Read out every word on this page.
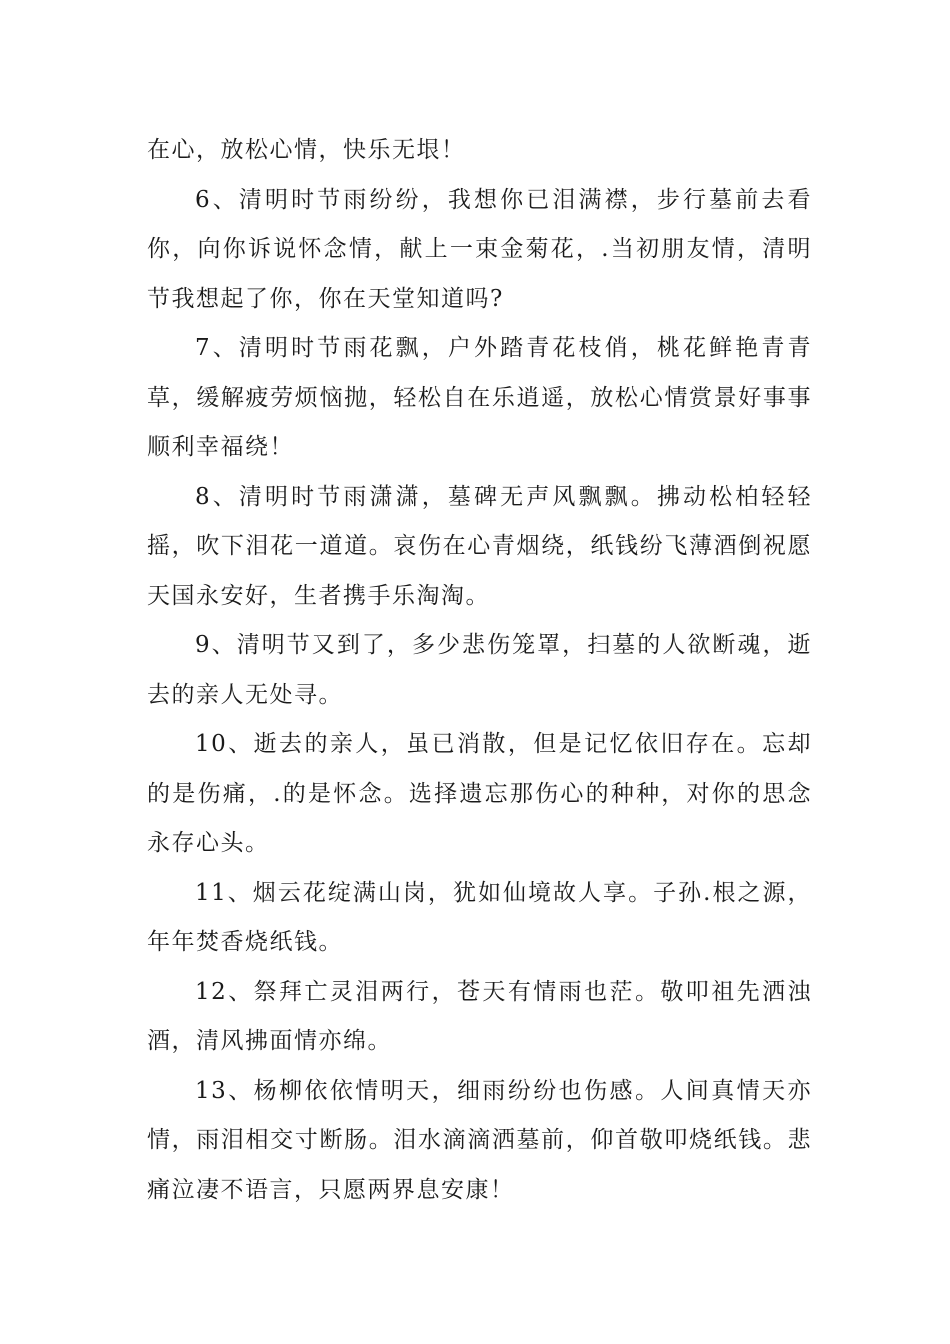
在心，放松心情，快乐无垠！

6、清明时节雨纷纷，我想你已泪满襟，步行墓前去看你，向你诉说怀念情，献上一束金菊花，.当初朋友情，清明节我想起了你，你在天堂知道吗?

7、清明时节雨花飘，户外踏青花枝俏，桃花鲜艳青青草，缓解疲劳烦恼抛，轻松自在乐逍遥，放松心情赏景好事事顺利幸福绕！

8、清明时节雨潇潇，墓碑无声风飘飘。拂动松柏轻轻摇，吹下泪花一道道。哀伤在心青烟绕，纸钱纷飞薄酒倒祝愿天国永安好，生者携手乐淘淘。

9、清明节又到了，多少悲伤笼罩，扫墓的人欲断魂，逝去的亲人无处寻。

10、逝去的亲人，虽已消散，但是记忆依旧存在。忘却的是伤痛，.的是怀念。选择遗忘那伤心的种种，对你的思念永存心头。

11、烟云花绽满山岗，犹如仙境故人享。子孙.根之源，年年焚香烧纸钱。

12、祭拜亡灵泪两行，苍天有情雨也茫。敬叩祖先洒浊酒，清风拂面情亦绵。

13、杨柳依依情明天，细雨纷纷也伤感。人间真情天亦情，雨泪相交寸断肠。泪水滴滴洒墓前，仰首敬叩烧纸钱。悲痛泣凄不语言，只愿两界息安康！
